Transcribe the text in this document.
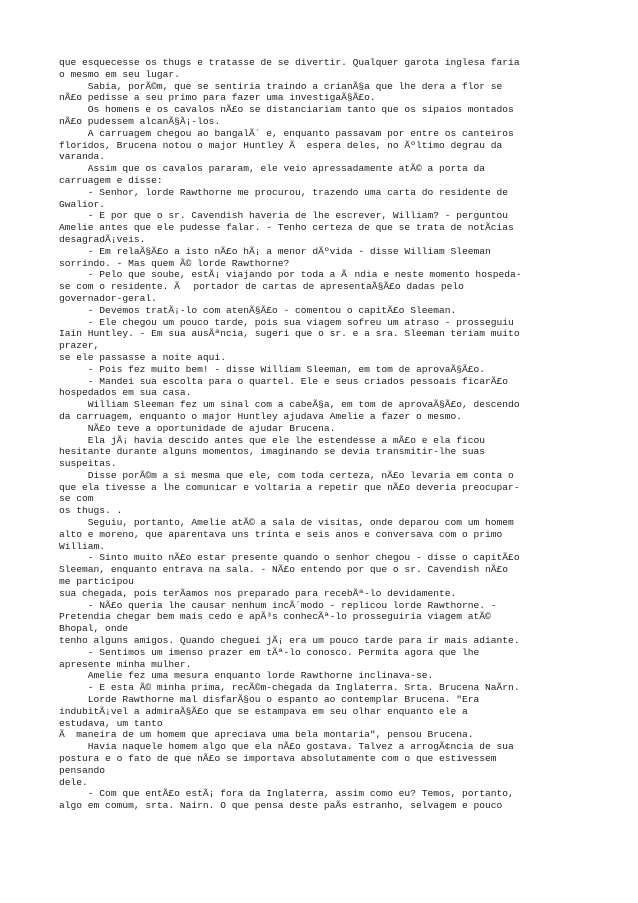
que esquecesse os thugs e tratasse de se divertir. Qualquer garota inglesa faria
o mesmo em seu lugar.
Sabia, porÃ©m, que se sentiria traindo a crianÃ§a que lhe dera a flor se
nÃ£o pedisse a seu primo para fazer uma investigaÃ§Ã£o.
Os homens e os cavalos nÃ£o se distanciariam tanto que os sipaios montados
nÃ£o pudessem alcanÃ§Ã¡-los.
A carruagem chegou ao bangalÃ´ e, enquanto passavam por entre os canteiros
floridos, Brucena notou o major Huntley Ã  espera deles, no Ãºltimo degrau da
varanda.
Assim que os cavalos pararam, ele veio apressadamente atÃ© a porta da
carruagem e disse:
- Senhor, lorde Rawthorne me procurou, trazendo uma carta do residente de
Gwalior.
- E por que o sr. Cavendish haveria de lhe escrever, William? - perguntou
Amelie antes que ele pudesse falar. - Tenho certeza de que se trata de notÃcias
desagradÃ¡veis.
- Em relaÃ§Ã£o a isto nÃ£o hÃ¡ a menor dÃºvida - disse William Sleeman
sorrindo. - Mas quem Ã© lorde Rawthorne?
- Pelo que soube, estÃ¡ viajando por toda a Ãndia e neste momento hospeda-
se com o residente. Ã portador de cartas de apresentaÃ§Ã£o dadas pelo
governador-geral.
- Devemos tratÃ¡-lo com atenÃ§Ã£o - comentou o capitÃ£o Sleeman.
- Ele chegou um pouco tarde, pois sua viagem sofreu um atraso - prosseguiu
Iain Huntley. - Em sua ausÃªncia, sugeri que o sr. e a sra. Sleeman teriam muito
prazer,
se ele passasse a noite aqui.
- Pois fez muito bem! - disse William Sleeman, em tom de aprovaÃ§Ã£o.
- Mandei sua escolta para o quartel. Ele e seus criados pessoais ficarÃ£o
hospedados em sua casa.
William Sleeman fez um sinal com a cabeÃ§a, em tom de aprovaÃ§Ã£o, descendo
da carruagem, enquanto o major Huntley ajudava Amelie a fazer o mesmo.
NÃ£o teve a oportunidade de ajudar Brucena.
Ela jÃ¡ havia descido antes que ele lhe estendesse a mÃ£o e ela ficou
hesitante durante alguns momentos, imaginando se devia transmitir-lhe suas
suspeitas.
Disse porÃ©m a si mesma que ele, com toda certeza, nÃ£o levaria em conta o
que ela tivesse a lhe comunicar e voltaria a repetir que nÃ£o deveria preocupar-
se com
os thugs. .
Seguiu, portanto, Amelie atÃ© a sala de visitas, onde deparou com um homem
alto e moreno, que aparentava uns trinta e seis anos e conversava com o primo
William.
- Sinto muito nÃ£o estar presente quando o senhor chegou - disse o capitÃ£o
Sleeman, enquanto entrava na sala. - NÃ£o entendo por que o sr. Cavendish nÃ£o
me participou
sua chegada, pois terÃamos nos preparado para recebÃª-lo devidamente.
- NÃ£o queria lhe causar nenhum incÃ´modo - replicou lorde Rawthorne. -
Pretendia chegar bem mais cedo e apÃ³s conhecÃª-lo prosseguiria viagem atÃ©
Bhopal, onde
tenho alguns amigos. Quando cheguei jÃ¡ era um pouco tarde para ir mais adiante.
- Sentimos um imenso prazer em tÃª-lo conosco. Permita agora que lhe
apresente minha mulher.
Amelie fez uma mesura enquanto lorde Rawthorne inclinava-se.
- E esta Ã© minha prima, recÃ©m-chegada da Inglaterra. Srta. Brucena NaÃrn.
Lorde Rawthorne mal disfarÃ§ou o espanto ao contemplar Brucena. "Era
indubitÃ¡vel a admiraÃ§Ã£o que se estampava em seu olhar enquanto ele a
estudava, um tanto
Ã  maneira de um homem que apreciava uma bela montaria", pensou Brucena.
Havia naquele homem algo que ela nÃ£o gostava. Talvez a arrogÃ¢ncia de sua
postura e o fato de que nÃ£o se importava absolutamente com o que estivessem
pensando
dele.
- Com que entÃ£o estÃ¡ fora da Inglaterra, assim como eu? Temos, portanto,
algo em comum, srta. Nairn. O que pensa deste paÃs estranho, selvagem e pouco
